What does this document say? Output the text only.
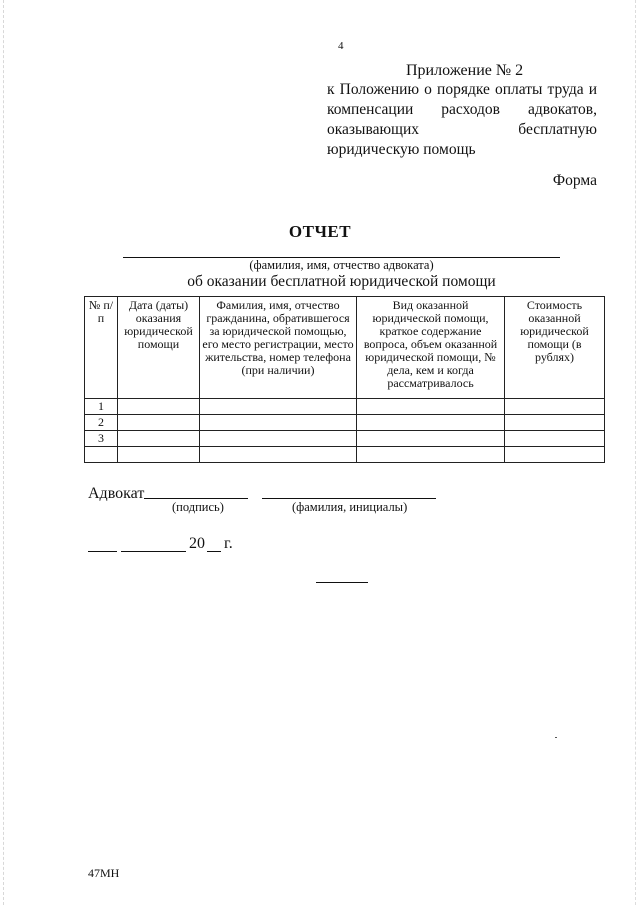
4
Приложение № 2
к Положению о порядке оплаты труда и компенсации расходов адвокатов, оказывающих бесплатную юридическую помощь
Форма
ОТЧЕТ
(фамилия, имя, отчество адвоката)
об оказании бесплатной юридической помощи
№ п/п	Дата (даты) оказания юридической помощи	Фамилия, имя, отчество гражданина, обратившегося за юридической помощью, его место регистрации, место жительства, номер телефона (при наличии)	Вид оказанной юридической помощи, краткое содержание вопроса, объем оказанной юридической помощи, № дела, кем и когда рассматривалось	Стоимость оказанной юридической помощи (в рублях)
1				
2				
3				

Адвокат
(подпись)	(фамилия, инициалы)
20 г.
47МН
